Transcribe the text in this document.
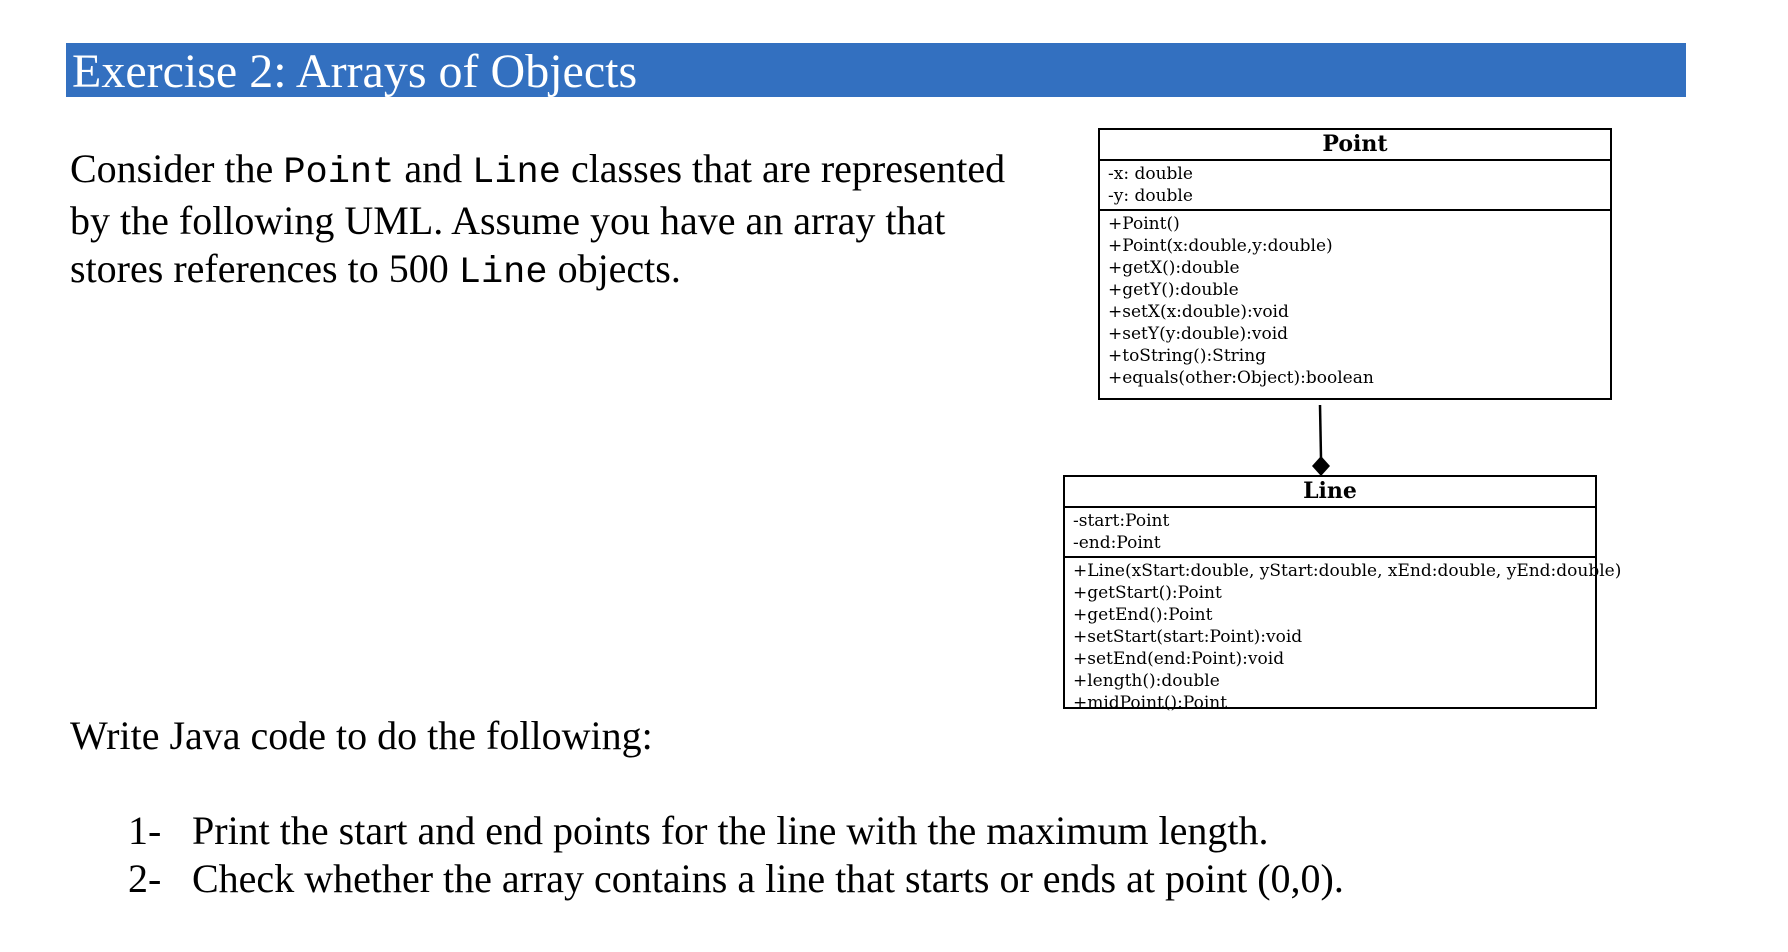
Exercise 2: Arrays of Objects
Consider the Point and Line classes that are represented
by the following UML. Assume you have an array that
stores references to 500 Line objects.
Point
-x: double
-y: double
+Point()
+Point(x:double,y:double)
+getX():double
+getY():double
+setX(x:double):void
+setY(y:double):void
+toString():String
+equals(other:Object):boolean
Line
-start:Point
-end:Point
+Line(xStart:double, yStart:double, xEnd:double, yEnd:double)
+getStart():Point
+getEnd():Point
+setStart(start:Point):void
+setEnd(end:Point):void
+length():double
+midPoint():Point
Write Java code to do the following:
1- Print the start and end points for the line with the maximum length.
2- Check whether the array contains a line that starts or ends at point (0,0).
